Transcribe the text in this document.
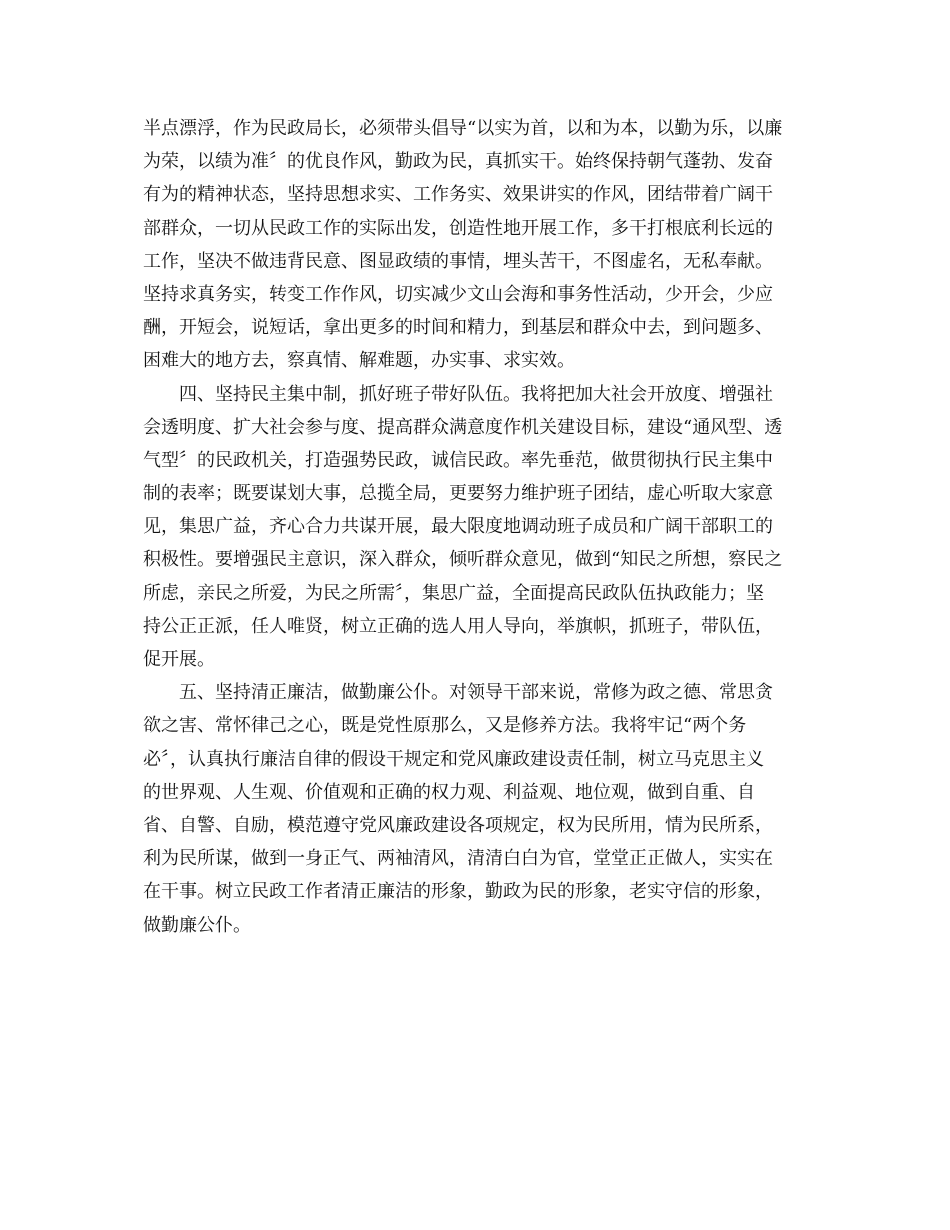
半点漂浮，作为民政局长，必须带头倡导“以实为首，以和为本，以勤为乐，以廉
为荣，以绩为准〞的优良作风，勤政为民，真抓实干。始终保持朝气蓬勃、发奋
有为的精神状态，坚持思想求实、工作务实、效果讲实的作风，团结带着广阔干
部群众，一切从民政工作的实际出发，创造性地开展工作，多干打根底利长远的
工作，坚决不做违背民意、图显政绩的事情，埋头苦干，不图虚名，无私奉献。
坚持求真务实，转变工作作风，切实减少文山会海和事务性活动，少开会，少应
酬，开短会，说短话，拿出更多的时间和精力，到基层和群众中去，到问题多、
困难大的地方去，察真情、解难题，办实事、求实效。
四、坚持民主集中制，抓好班子带好队伍。我将把加大社会开放度、增强社
会透明度、扩大社会参与度、提高群众满意度作机关建设目标，建设“通风型、透
气型〞的民政机关，打造强势民政，诚信民政。率先垂范，做贯彻执行民主集中
制的表率；既要谋划大事，总揽全局，更要努力维护班子团结，虚心听取大家意
见，集思广益，齐心合力共谋开展，最大限度地调动班子成员和广阔干部职工的
积极性。要增强民主意识，深入群众，倾听群众意见，做到“知民之所想，察民之
所虑，亲民之所爱，为民之所需〞，集思广益，全面提高民政队伍执政能力；坚
持公正正派，任人唯贤，树立正确的选人用人导向，举旗帜，抓班子，带队伍，
促开展。
五、坚持清正廉洁，做勤廉公仆。对领导干部来说，常修为政之德、常思贪
欲之害、常怀律己之心，既是党性原那么，又是修养方法。我将牢记“两个务
必〞，认真执行廉洁自律的假设干规定和党风廉政建设责任制，树立马克思主义
的世界观、人生观、价值观和正确的权力观、利益观、地位观，做到自重、自
省、自警、自励，模范遵守党风廉政建设各项规定，权为民所用，情为民所系，
利为民所谋，做到一身正气、两袖清风，清清白白为官，堂堂正正做人，实实在
在干事。树立民政工作者清正廉洁的形象，勤政为民的形象，老实守信的形象，
做勤廉公仆。
